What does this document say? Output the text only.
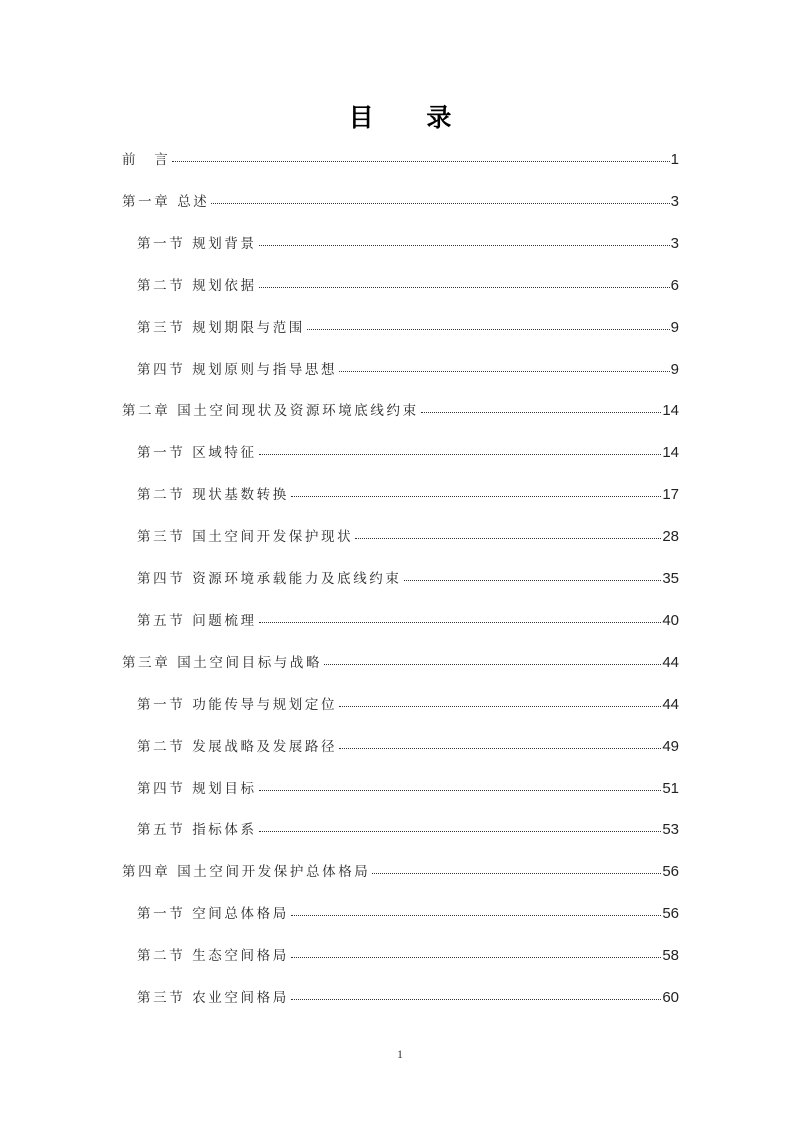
目 录
前　言	1
第一章 总述	3
第一节 规划背景	3
第二节 规划依据	6
第三节 规划期限与范围	9
第四节 规划原则与指导思想	9
第二章 国土空间现状及资源环境底线约束	14
第一节 区域特征	14
第二节 现状基数转换	17
第三节 国土空间开发保护现状	28
第四节 资源环境承载能力及底线约束	35
第五节 问题梳理	40
第三章 国土空间目标与战略	44
第一节 功能传导与规划定位	44
第二节 发展战略及发展路径	49
第四节 规划目标	51
第五节 指标体系	53
第四章 国土空间开发保护总体格局	56
第一节 空间总体格局	56
第二节 生态空间格局	58
第三节 农业空间格局	60
1
